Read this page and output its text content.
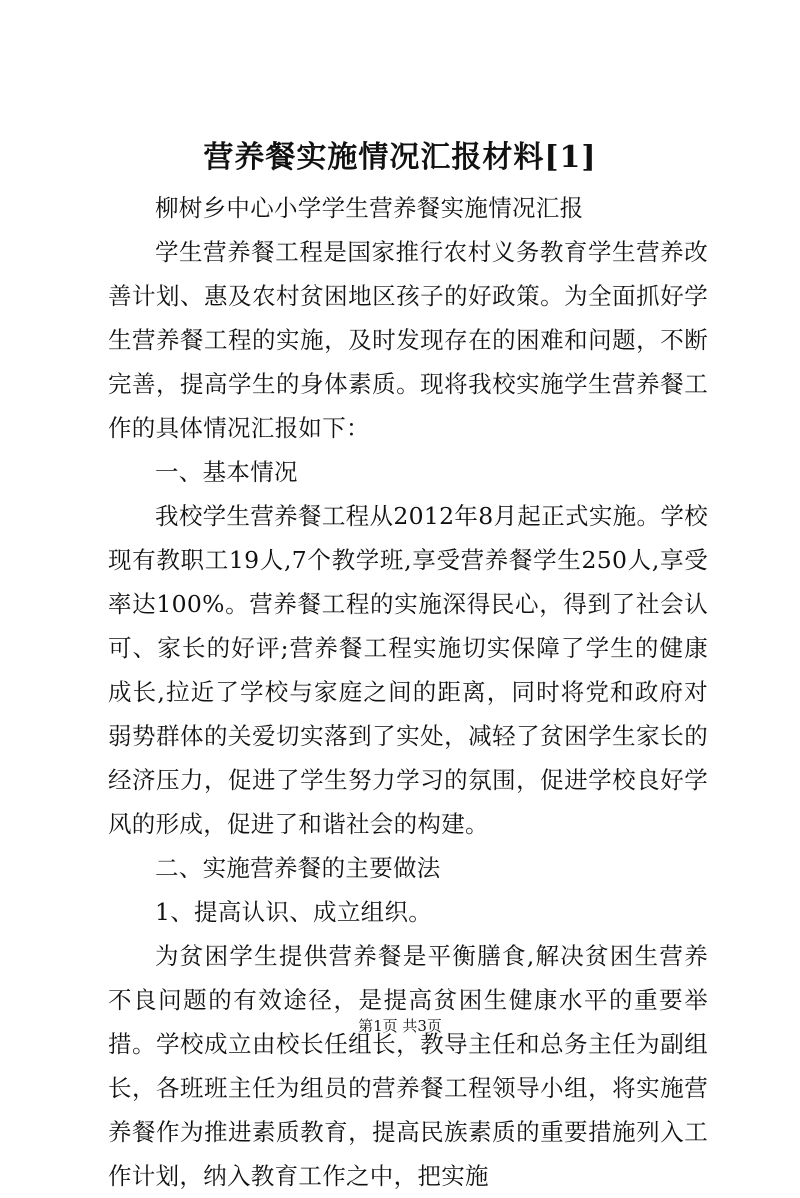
营养餐实施情况汇报材料[1]

柳树乡中心小学学生营养餐实施情况汇报

学生营养餐工程是国家推行农村义务教育学生营养改善计划、惠及农村贫困地区孩子的好政策。为全面抓好学生营养餐工程的实施，及时发现存在的困难和问题，不断完善，提高学生的身体素质。现将我校实施学生营养餐工作的具体情况汇报如下：

一、基本情况

我校学生营养餐工程从2012年8月起正式实施。学校现有教职工19人,7个教学班,享受营养餐学生250人,享受率达100%。营养餐工程的实施深得民心，得到了社会认可、家长的好评;营养餐工程实施切实保障了学生的健康成长,拉近了学校与家庭之间的距离，同时将党和政府对弱势群体的关爱切实落到了实处，减轻了贫困学生家长的经济压力，促进了学生努力学习的氛围，促进学校良好学风的形成，促进了和谐社会的构建。

二、实施营养餐的主要做法

1、提高认识、成立组织。

为贫困学生提供营养餐是平衡膳食,解决贫困生营养不良问题的有效途径，是提高贫困生健康水平的重要举措。学校成立由校长任组长，教导主任和总务主任为副组长，各班班主任为组员的营养餐工程领导小组，将实施营养餐作为推进素质教育，提高民族素质的重要措施列入工作计划，纳入教育工作之中，把实施

第1页 共3页
